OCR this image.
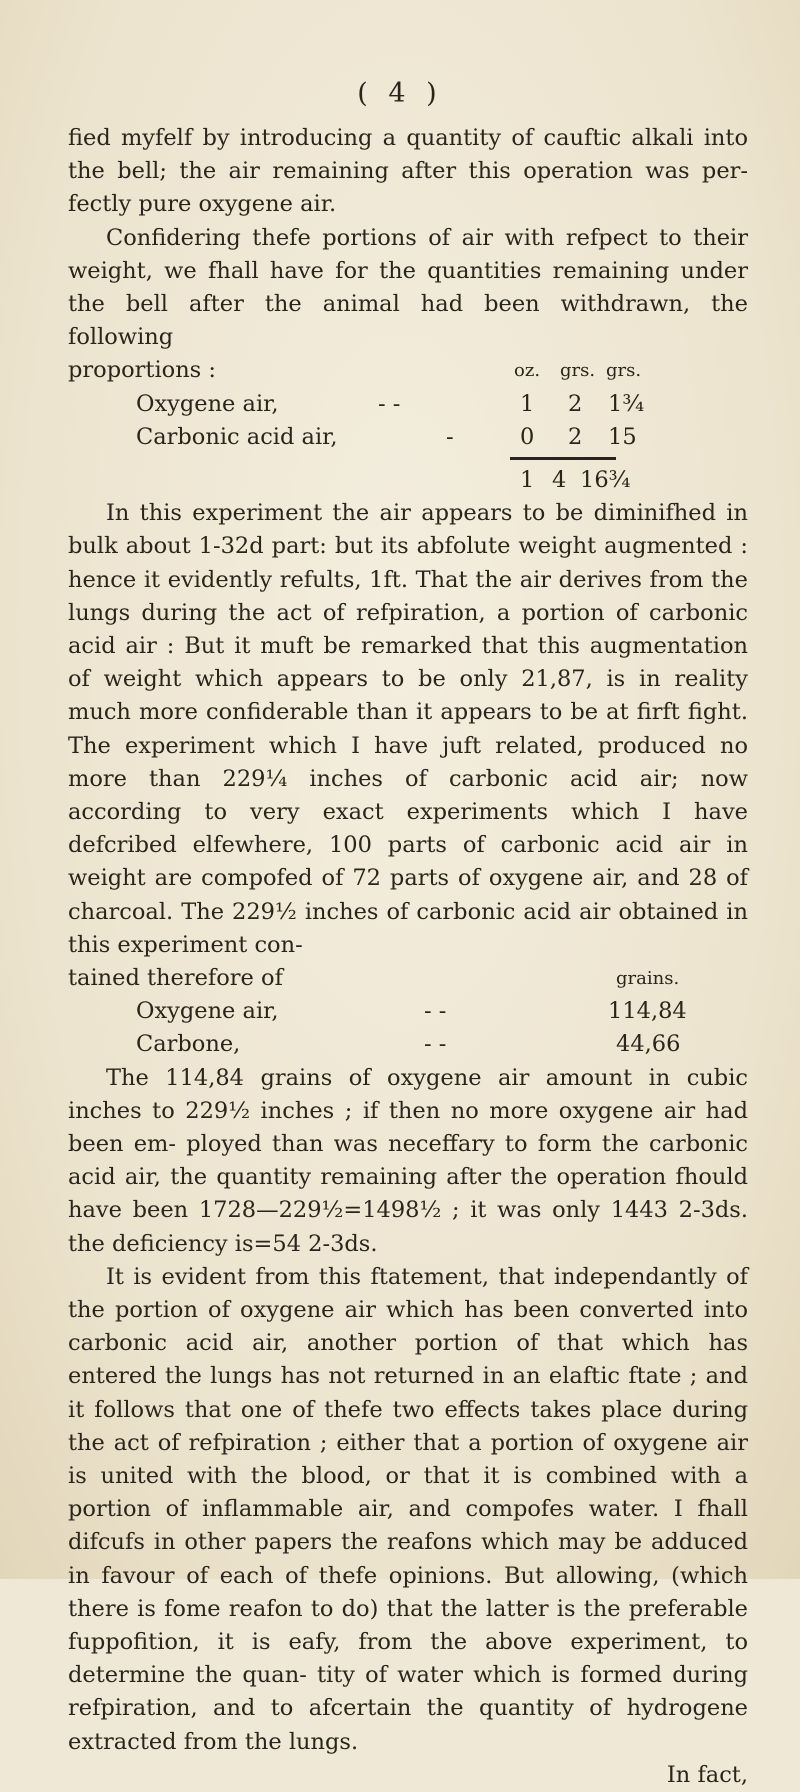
( 4 )

fied myfelf by introducing a quantity of cauftic alkali into the bell; the air remaining after this operation was per- fectly pure oxygene air.

Confidering thefe portions of air with refpect to their weight, we fhall have for the quantities remaining under the bell after the animal had been withdrawn, the following

proportions :	oz. grs. grs.
Oxygene air,	- -	1 2 1¾
Carbonic acid air,	-	0 2 15
1 4 16¾

In this experiment the air appears to be diminifhed in bulk about 1-32d part: but its abfolute weight augmented : hence it evidently refults, 1ft. That the air derives from the lungs during the act of refpiration, a portion of carbonic acid air : But it muft be remarked that this augmentation of weight which appears to be only 21,87, is in reality much more confiderable than it appears to be at firft fight. The experiment which I have juft related, produced no more than 229¼ inches of carbonic acid air; now according to very exact experiments which I have defcribed elfewhere, 100 parts of carbonic acid air in weight are compofed of 72 parts of oxygene air, and 28 of charcoal. The 229½ inches of carbonic acid air obtained in this experiment con-

tained therefore of	grains.
Oxygene air,	- -	114,84
Carbone,	- -	44,66

The 114,84 grains of oxygene air amount in cubic inches to 229½ inches ; if then no more oxygene air had been em- ployed than was neceffary to form the carbonic acid air, the quantity remaining after the operation fhould have been 1728—229½=1498½ ; it was only 1443 2-3ds. the deficiency is=54 2-3ds.

It is evident from this ftatement, that independantly of the portion of oxygene air which has been converted into carbonic acid air, another portion of that which has entered the lungs has not returned in an elaftic ftate ; and it follows that one of thefe two effects takes place during the act of refpiration ; either that a portion of oxygene air is united with the blood, or that it is combined with a portion of inflammable air, and compofes water. I fhall difcufs in other papers the reafons which may be adduced in favour of each of thefe opinions. But allowing, (which there is fome reafon to do) that the latter is the preferable fuppofition, it is eafy, from the above experiment, to determine the quan- tity of water which is formed during refpiration, and to afcertain the quantity of hydrogene extracted from the lungs.

In fact,
